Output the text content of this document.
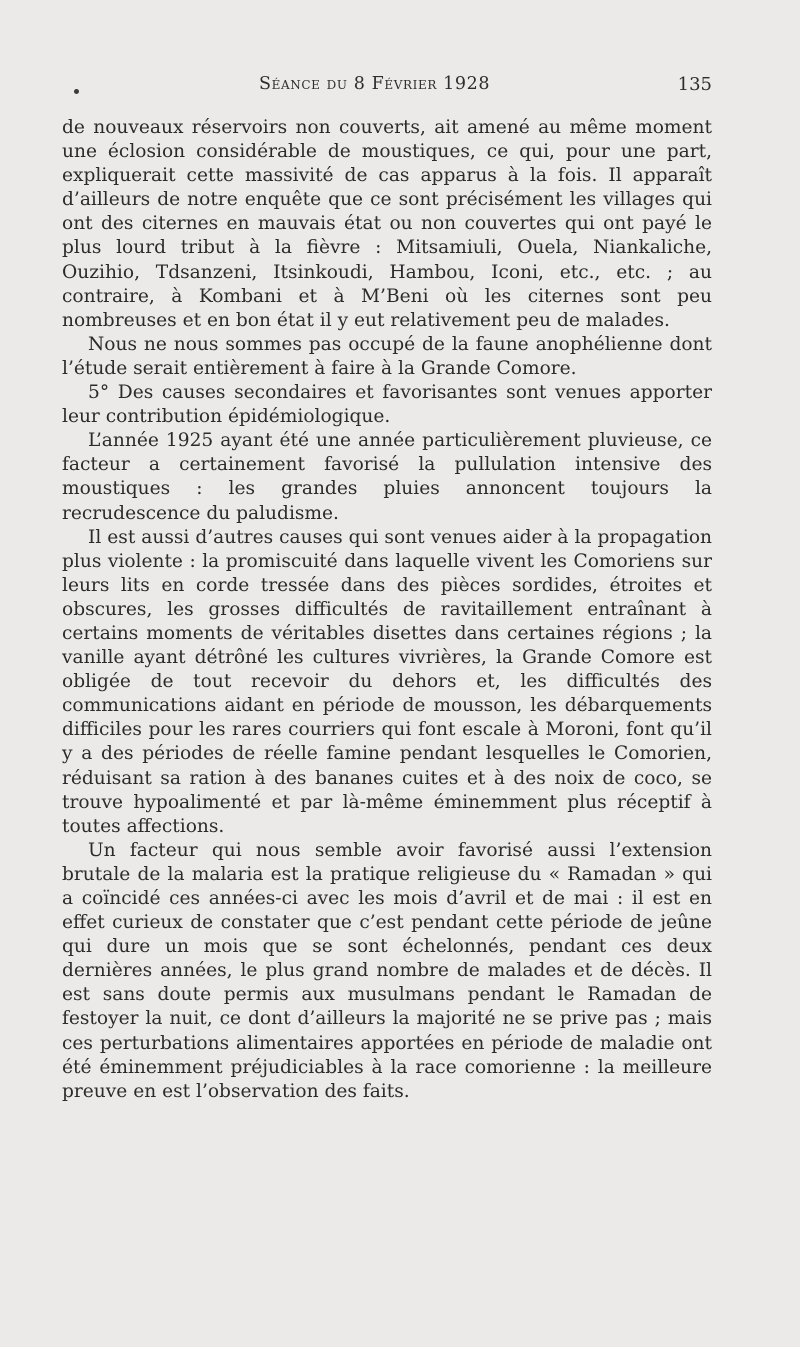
Séance du 8 Février 1928	135

de nouveaux réservoirs non couverts, ait amené au même moment une éclosion considérable de moustiques, ce qui, pour une part, expliquerait cette massivité de cas apparus à la fois. Il apparaît d’ailleurs de notre enquête que ce sont précisément les villages qui ont des citernes en mauvais état ou non couvertes qui ont payé le plus lourd tribut à la fièvre : Mitsamiuli, Ouela, Niankaliche, Ouzihio, Tdsanzeni, Itsinkoudi, Hambou, Iconi, etc., etc. ; au contraire, à Kombani et à M’Beni où les citernes sont peu nombreuses et en bon état il y eut relativement peu de malades.

Nous ne nous sommes pas occupé de la faune anophélienne dont l’étude serait entièrement à faire à la Grande Comore.

5° Des causes secondaires et favorisantes sont venues apporter leur contribution épidémiologique.

L’année 1925 ayant été une année particulièrement pluvieuse, ce facteur a certainement favorisé la pullulation intensive des moustiques : les grandes pluies annoncent toujours la recrudescence du paludisme.

Il est aussi d’autres causes qui sont venues aider à la propagation plus violente : la promiscuité dans laquelle vivent les Comoriens sur leurs lits en corde tressée dans des pièces sordides, étroites et obscures, les grosses difficultés de ravitaillement entraînant à certains moments de véritables disettes dans certaines régions ; la vanille ayant détrôné les cultures vivrières, la Grande Comore est obligée de tout recevoir du dehors et, les difficultés des communications aidant en période de mousson, les débarquements difficiles pour les rares courriers qui font escale à Moroni, font qu’il y a des périodes de réelle famine pendant lesquelles le Comorien, réduisant sa ration à des bananes cuites et à des noix de coco, se trouve hypoalimenté et par là-même éminemment plus réceptif à toutes affections.

Un facteur qui nous semble avoir favorisé aussi l’extension brutale de la malaria est la pratique religieuse du « Ramadan » qui a coïncidé ces années-ci avec les mois d’avril et de mai : il est en effet curieux de constater que c’est pendant cette période de jeûne qui dure un mois que se sont échelonnés, pendant ces deux dernières années, le plus grand nombre de malades et de décès. Il est sans doute permis aux musulmans pendant le Ramadan de festoyer la nuit, ce dont d’ailleurs la majorité ne se prive pas ; mais ces perturbations alimentaires apportées en période de maladie ont été éminemment préjudiciables à la race comorienne : la meilleure preuve en est l’observation des faits.
